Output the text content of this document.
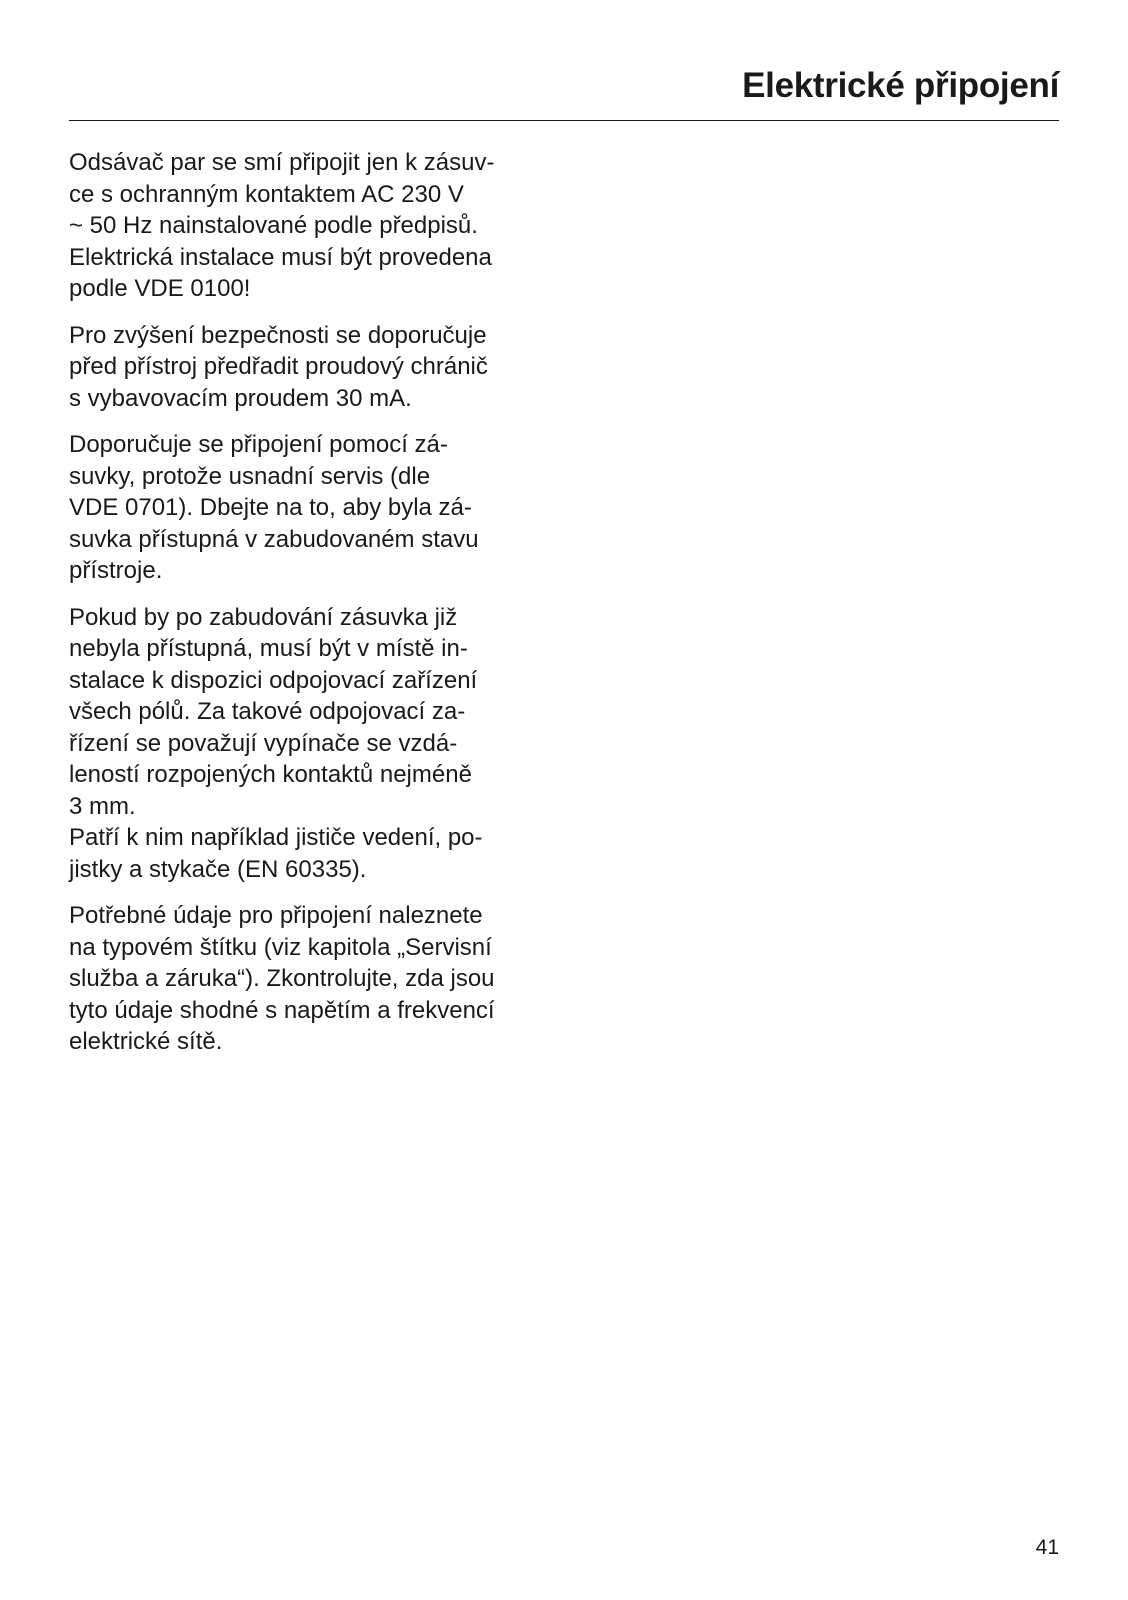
Elektrické připojení

Odsávač par se smí připojit jen k zásuv-
ce s ochranným kontaktem AC 230 V
~ 50 Hz nainstalované podle předpisů.
Elektrická instalace musí být provedena
podle VDE 0100!

Pro zvýšení bezpečnosti se doporučuje
před přístroj předřadit proudový chránič
s vybavovacím proudem 30 mA.

Doporučuje se připojení pomocí zá-
suvky, protože usnadní servis (dle
VDE 0701). Dbejte na to, aby byla zá-
suvka přístupná v zabudovaném stavu
přístroje.

Pokud by po zabudování zásuvka již
nebyla přístupná, musí být v místě in-
stalace k dispozici odpojovací zařízení
všech pólů. Za takové odpojovací za-
řízení se považují vypínače se vzdá-
leností rozpojených kontaktů nejméně
3 mm.
Patří k nim například jističe vedení, po-
jistky a stykače (EN 60335).

Potřebné údaje pro připojení naleznete
na typovém štítku (viz kapitola „Servisní
služba a záruka“). Zkontrolujte, zda jsou
tyto údaje shodné s napětím a frekvencí
elektrické sítě.

41
